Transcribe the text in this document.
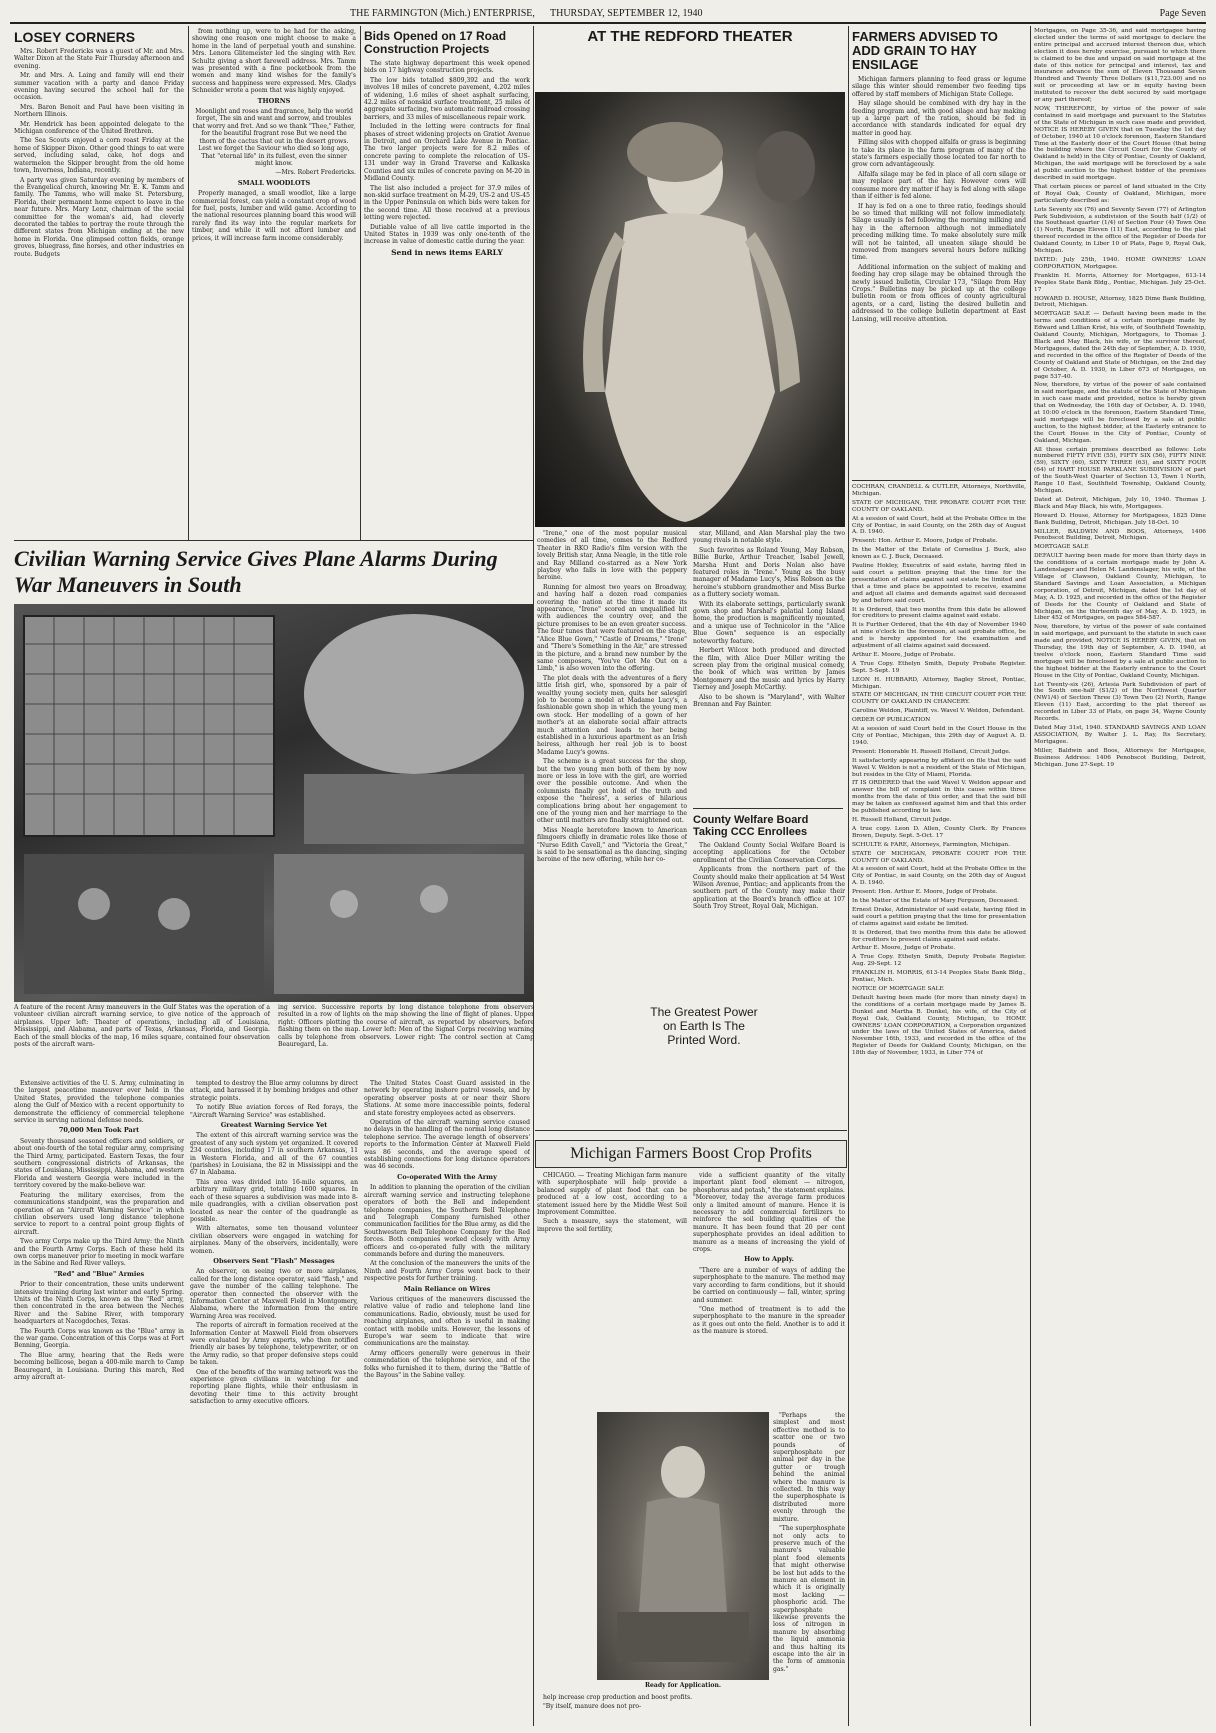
THE FARMINGTON (Mich.) ENTERPRISE, THURSDAY, SEPTEMBER 12, 1940	Page Seven
LOSEY CORNERS

Mrs. Robert Fredericks was a guest of Mr. and Mrs. Walter Dixon at the State Fair Thursday afternoon and evening.

Mr. and Mrs. A. Laing and family will end their summer vacation with a party and dance Friday evening having secured the school hall for the occasion.

Mrs. Baron Benoit and Paul have been visiting in Northern Illinois.

Mr. Hendrick has been appointed delegate to the Michigan conference of the United Brethren.

The Sea Scouts enjoyed a corn roast Friday at the home of Skipper Dixon. Other good things to eat were served, including salad, cake, hot dogs and watermelon the Skipper brought from the old home town, Inverness, Indiana, recently.

A party was given Saturday evening by members of the Evangelical church, knowing Mr. E. K. Tamm and family. The Tamms, who will make St. Petersburg, Florida, their permanent home expect to leave in the near future. Mrs. Mary Lenz, chairman of the social committee for the woman's aid, had cleverly decorated the tables to portray the route through the different states from Michigan ending at the new home in Florida. One glimpsed cotton fields, orange groves, bluegrass, fine horses, and other industries en route. Budgets

from nothing up, were to be had for the asking, showing one reason one might choose to make a home in the land of perpetual youth and sunshine. Mrs. Lenora Glitemeister led the singing with Rev. Schultz giving a short farewell address. Mrs. Tamm was presented with a fine pocketbook from the women and many kind wishes for the family's success and happiness were expressed. Mrs. Gladys Schneider wrote a poem that was highly enjoyed.

THORNS

Moonlight and roses and fragrance, help the world forget, The sin and want and sorrow, and troubles that worry and fret. And so we thank "Thee," Father, for the beautiful fragrant rose But we need the thorn of the cactus that out in the desert grows. Lest we forget the Saviour who died so long ago, That "eternal life" in its fullest, even the sinner might know.

—Mrs. Robert Fredericks.

SMALL WOODLOTS

Properly managed, a small woodlot, like a large commercial forest, can yield a constant crop of wood for fuel, posts, lumber and wild game. According to the national resources planning board this wood will rarely find its way into the regular markets for timber, and while it will not afford lumber and prices, it will increase farm income considerably.

Bids Opened on 17 Road Construction Projects

The state highway department this week opened bids on 17 highway construction projects.

The low bids totalled $809,392 and the work involves 18 miles of concrete pavement, 4.202 miles of widening, 1.6 miles of sheet asphalt surfacing, 42.2 miles of nonskid surface treatment, 25 miles of aggregate surfacing, two automatic railroad crossing barriers, and 33 miles of miscellaneous repair work.

Included in the letting were contracts for final phases of street widening projects on Gratiot Avenue in Detroit, and on Orchard Lake Avenue in Pontiac. The two larger projects were for 8.2 miles of concrete paving to complete the relocation of US-131 under way in Grand Traverse and Kalkaska Counties and six miles of concrete paving on M-20 in Midland County.

The list also included a project for 37.9 miles of non-skid surface treatment on M-29, US-2 and US-45 in the Upper Peninsula on which bids were taken for the second time. All those received at a previous letting were rejected.

Dutiable value of all live cattle imported in the United States in 1939 was only one-tenth of the increase in value of domestic cattle during the year.

Send in news items EARLY
AT THE REDFORD THEATER

"Irene," one of the most popular musical comedies of all time, comes to the Redford Theater in RKO Radio's film version with the lovely British star, Anna Neagle, in the title role and Ray Milland co-starred as a New York playboy who falls in love with the peppery heroine.

Running for almost two years on Broadway, and having half a dozen road companies covering the nation at the time it made its appearance, "Irene" scored an unqualified hit with audiences the country over, and the picture promises to be an even greater success. The four tunes that were featured on the stage, "Alice Blue Gown," "Castle of Dreams," "Irene" and "There's Something in the Air," are stressed in the picture, and a brand new number by the same composers, "You've Got Me Out on a Limb," is also woven into the offering.

The plot deals with the adventures of a fiery little Irish girl, who, sponsored by a pair of wealthy young society men, quits her salesgirl job to become a model at Madame Lucy's, a fashionable gown shop in which the young men own stock. Her modelling of a gown of her mother's at an elaborate social affair attracts much attention and leads to her being established in a luxurious apartment as an Irish heiress, although her real job is to boost Madame Lucy's gowns.

The scheme is a great success for the shop, but the two young men both of them by now more or less in love with the girl, are worried over the possible outcome. And when the columnists finally get hold of the truth and expose the "heiress", a series of hilarious complications bring about her engagement to one of the young men and her marriage to the other until matters are finally straightened out.

Miss Neagle heretofore known to American filmgoers chiefly in dramatic roles like those of "Nurse Edith Cavell," and "Victoria the Great," is said to be sensational as the dancing, singing heroine of the new offering, while her co-

star, Milland, and Alan Marshal play the two young rivals in notable style.

Such favorites as Roland Young, May Robson, Billie Burke, Arthur Treacher, Isabel Jewell, Marsha Hunt and Doris Nolan also have featured roles in "Irene." Young as the busy manager of Madame Lucy's, Miss Robson as the heroine's stubborn grandmother and Miss Burke as a fluttery society woman.

With its elaborate settings, particularly swank gown shop and Marshal's palatial Long Island home, the production is magnificently mounted, and a unique use of Technicolor in the "Alice Blue Gown" sequence is an especially noteworthy feature.

Herbert Wilcox both produced and directed the film, with Alice Duer Miller writing the screen play from the original musical comedy, the book of which was written by James Montgomery and the music and lyrics by Harry Tierney and Joseph McCarthy.

Also to be shown is "Maryland", with Walter Brennan and Fay Bainter.

County Welfare Board Taking CCC Enrollees

The Oakland County Social Welfare Board is accepting applications for the October enrollment of the Civilian Conservation Corps.

Applicants from the northern part of the County should make their application at 54 West Wilson Avenue, Pontiac; and applicants from the southern part of the County may make their application at the Board's branch office at 107 South Troy Street, Royal Oak, Michigan.

The Greatest Power on Earth Is The Printed Word.
Civilian Warning Service Gives Plane Alarms During War Maneuvers in South
A feature of the recent Army maneuvers in the Gulf States was the operation of a volunteer civilian aircraft warning service, to give notice of the approach of airplanes. Upper left: Theater of operations, including all of Louisiana, Mississippi, and Alabama, and parts of Texas, Arkansas, Florida, and Georgia. Each of the small blocks of the map, 16 miles square, contained four observation posts of the aircraft warn-
ing service. Successive reports by long distance telephone from observers resulted in a row of lights on the map showing the line of flight of planes. Upper right: Officers plotting the course of aircraft, as reported by observers, before flashing them on the map. Lower left: Men of the Signal Corps receiving warning calls by telephone from observers. Lower right: The control section at Camp Beauregard, La.

Extensive activities of the U. S. Army, culminating in the largest peacetime maneuver ever held in the United States, provided the telephone companies along the Gulf of Mexico with a recent opportunity to demonstrate the efficiency of commercial telephone service in serving national defense needs.

70,000 Men Took Part

Seventy thousand seasoned officers and soldiers, or about one-fourth of the total regular army, comprising the Third Army, participated. Eastern Texas, the four southern congressional districts of Arkansas, the states of Louisiana, Mississippi, Alabama, and western Florida and western Georgia were included in the territory covered by the make-believe war.

Featuring the military exercises, from the communications standpoint, was the preparation and operation of an "Aircraft Warning Service" in which civilian observers used long distance telephone service to report to a central point group flights of aircraft.

Two army Corps make up the Third Army: the Ninth and the Fourth Army Corps. Each of these held its own corps maneuver prior to meeting in mock warfare in the Sabine and Red River valleys.

"Red" and "Blue" Armies

Prior to their concentration, these units underwent intensive training during last winter and early Spring. Units of the Ninth Corps, known as the "Red" army, then concentrated in the area between the Neches River and the Sabine River, with temporary headquarters at Nacogdoches, Texas.

The Fourth Corps was known as the "Blue" army in the war game. Concentration of this Corps was at Fort Benning, Georgia.

The Blue army, hearing that the Reds were becoming bellicose, began a 400-mile march to Camp Beauregard, in Louisiana. During this march, Red army aircraft at-

tempted to destroy the Blue army columns by direct attack, and harassed it by bombing bridges and other strategic points.

To notify Blue aviation forces of Red forays, the "Aircraft Warning Service" was established.

Greatest Warning Service Yet

The extent of this aircraft warning service was the greatest of any such system yet organized. It covered 234 counties, including 17 in southern Arkansas, 11 in Western Florida, and all of the 67 counties (parishes) in Louisiana, the 82 in Mississippi and the 67 in Alabama.

This area was divided into 16-mile squares, an arbitrary military grid, totalling 1600 squares. In each of these squares a subdivision was made into 8-mile quadrangles, with a civilian observation post located as near the center of the quadrangle as possible.

With alternates, some ten thousand volunteer civilian observers were engaged in watching for airplanes. Many of the observers, incidentally, were women.

Observers Sent "Flash" Messages

An observer, on seeing two or more airplanes, called for the long distance operator, said "flash," and gave the number of the calling telephone. The operator then connected the observer with the Information Center at Maxwell Field in Montgomery, Alabama, where the information from the entire Warning Area was received.

The reports of aircraft in formation received at the Information Center at Maxwell Field from observers were evaluated by Army experts, who then notified friendly air bases by telephone, teletypewriter, or on the Army radio, so that proper defensive steps could be taken.

One of the benefits of the warning network was the experience given civilians in watching for and reporting plane flights, while their enthusiasm in devoting their time to this activity brought satisfaction to army executive officers.

The United States Coast Guard assisted in the network by operating inshore patrol vessels, and by operating observer posts at or near their Shore Stations. At some more inaccessible points, federal and state forestry employees acted as observers.

Operation of the aircraft warning service caused no delays in the handling of the normal long distance telephone service. The average length of observers' reports to the Information Center at Maxwell Field was 86 seconds, and the average speed of establishing connections for long distance operators was 46 seconds.

Co-operated With the Army

In addition to planning the operation of the civilian aircraft warning service and instructing telephone operators of both the Bell and independent telephone companies, the Southern Bell Telephone and Telegraph Company furnished other communication facilities for the Blue army, as did the Southwestern Bell Telephone Company for the Red forces. Both companies worked closely with Army officers and co-operated fully with the military commands before and during the maneuvers.

At the conclusion of the maneuvers the units of the Ninth and Fourth Army Corps went back to their respective posts for further training.

Main Reliance on Wires

Various critiques of the maneuvers discussed the relative value of radio and telephone land line communications. Radio, obviously, must be used for reaching airplanes, and often is useful in making contact with mobile units. However, the lessons of Europe's war seem to indicate that wire communications are the mainstay.

Army officers generally were generous in their commendation of the telephone service, and of the folks who furnished it to them, during the "Battle of the Bayous" in the Sabine valley.

Michigan Farmers Boost Crop Profits

CHICAGO. — Treating Michigan farm manure with superphosphate will help provide a balanced supply of plant food that can be produced at a low cost, according to a statement issued here by the Middle West Soil Improvement Committee.

Such a measure, says the statement, will improve the soil fertility,

Ready for Application.

help increase crop production and boost profits.

"By itself, manure does not pro-

vide a sufficient quantity of the vitally important plant food element — nitrogen, phosphorus and potash," the statement explains. "Moreover, today the average farm produces only a limited amount of manure. Hence it is necessary to add commercial fertilizers to reinforce the soil building qualities of the manure. It has been found that 20 per cent superphosphate provides an ideal addition to manure as a means of increasing the yield of crops.

How to Apply.

"There are a number of ways of adding the superphosphate to the manure. The method may vary according to farm conditions, but it should be carried on continuously — fall, winter, spring and summer.

"One method of treatment is to add the superphosphate to the manure in the spreader as it goes out onto the field. Another is to add it as the manure is stored.

"Perhaps the simplest and most effective method is to scatter one or two pounds of superphosphate per animal per day in the gutter or trough behind the animal where the manure is collected. In this way the superphosphate is distributed more evenly through the mixture.

"The superphosphate not only acts to preserve much of the manure's valuable plant food elements that might otherwise be lost but adds to the manure an element in which it is originally most lacking — phosphoric acid. The superphosphate likewise prevents the loss of nitrogen in manure by absorbing the liquid ammonia and thus halting its escape into the air in the form of ammonia gas."

FARMERS ADVISED TO ADD GRAIN TO HAY ENSILAGE

Michigan farmers planning to feed grass or legume silage this winter should remember two feeding tips offered by staff members of Michigan State College.

Hay silage should be combined with dry hay in the feeding program and, with good silage and hay making up a large part of the ration, should be fed in accordance with standards indicated for equal dry matter in good hay.

Filling silos with chopped alfalfa or grass is beginning to take its place in the farm program of many of the state's farmers especially those located too far north to grow corn advantageously.

Alfalfa silage may be fed in place of all corn silage or may replace part of the hay. However cows will consume more dry matter if hay is fed along with silage than if either is fed alone.

If hay is fed on a one to three ratio, feedings should be so timed that milking will not follow immediately. Silage usually is fed following the morning milking and hay in the afternoon although not immediately preceding milking time. To make absolutely sure milk will not be tainted, all uneaten silage should be removed from mangers several hours before milking time.

Additional information on the subject of making and feeding hay crop silage may be obtained through the newly issued bulletin, Circular 173, "Silage from Hay Crops." Bulletins may be picked up at the college bulletin room or from offices of county agricultural agents, or a card, listing the desired bulletin and addressed to the college bulletin department at East Lansing, will receive attention.

COCHRAN, CRANDELL & CUTLER, Attorneys, Northville, Michigan.

STATE OF MICHIGAN, THE PROBATE COURT FOR THE COUNTY OF OAKLAND.

At a session of said Court, held at the Probate Office in the City of Pontiac, in said County, on the 26th day of August A. D. 1940.

Present: Hon. Arthur E. Moore, Judge of Probate.

In the Matter of the Estate of Cornelius J. Buck, also known as C. J. Buck, Deceased.

Pauline Hokley, Executrix of said estate, having filed in said court a petition praying that the time for the presentation of claims against said estate be limited and that a time and place be appointed to receive, examine and adjust all claims and demands against said deceased by and before said court.

It is Ordered, that two months from this date be allowed for creditors to present claims against said estate.

It is Further Ordered, that the 4th day of November 1940 at nine o'clock in the forenoon, at said probate office, be and is hereby appointed for the examination and adjustment of all claims against said deceased.

Arthur E. Moore, Judge of Probate.

A True Copy. Ethelyn Smith, Deputy Probate Register. Sept. 5-Sept. 19

LEON H. HUBBARD, Attorney, Bagley Street, Pontiac, Michigan.

STATE OF MICHIGAN, IN THE CIRCUIT COURT FOR THE COUNTY OF OAKLAND IN CHANCERY.

Caroline Weldon, Plaintiff, vs. Wavel V. Weldon, Defendant.

ORDER OF PUBLICATION

At a session of said Court held in the Court House in the City of Pontiac, Michigan, this 29th day of August A. D. 1940.

Present: Honorable H. Russell Holland, Circuit Judge.

It satisfactorily appearing by affidavit on file that the said Wavel V. Weldon is not a resident of the State of Michigan, but resides in the City of Miami, Florida.

IT IS ORDERED that the said Wavel V. Weldon appear and answer the bill of complaint in this cause within three months from the date of this order, and that the said bill may be taken as confessed against him and that this order be published according to law.

H. Russell Holland, Circuit Judge.

A true copy. Leon D. Allen, County Clerk. By Frances Brown, Deputy. Sept. 5-Oct. 17

SCHULTE & FARE, Attorneys, Farmington, Michigan.

STATE OF MICHIGAN, PROBATE COURT FOR THE COUNTY OF OAKLAND.

At a session of said Court, held at the Probate Office in the City of Pontiac, in said County, on the 20th day of August A. D. 1940.

Present: Hon. Arthur E. Moore, Judge of Probate.

In the Matter of the Estate of Mary Ferguson, Deceased.

Ernest Drake, Administrator of said estate, having filed in said court a petition praying that the time for presentation of claims against said estate be limited.

It is Ordered, that two months from this date be allowed for creditors to present claims against said estate.

Arthur E. Moore, Judge of Probate.

A True Copy. Ethelyn Smith, Deputy Probate Register. Aug. 29-Sept. 12

FRANKLIN H. MORRIS, 613-14 Peoples State Bank Bldg., Pontiac, Mich.

NOTICE OF MORTGAGE SALE

Default having been made (for more than ninety days) in the conditions of a certain mortgage made by James B. Dunkel and Martha B. Dunkel, his wife, of the City of Royal Oak, Oakland County, Michigan, to HOME OWNERS' LOAN CORPORATION, a Corporation organized under the laws of the United States of America, dated November 16th, 1933, and recorded in the office of the Register of Deeds for Oakland County, Michigan, on the 18th day of November, 1933, in Liber 774 of

Mortgages, on Page 35-36, and said mortgagee having elected under the terms of said mortgage to declare the entire principal and accrued interest thereon due, which election it does hereby exercise, pursuant to which there is claimed to be due and unpaid on said mortgage at the date of this notice for principal and interest, tax and insurance advance the sum of Eleven Thousand Seven Hundred and Twenty Three Dollars ($11,723.00) and no suit or proceeding at law or in equity having been instituted to recover the debt secured by said mortgage or any part thereof;

NOW, THEREFORE, by virtue of the power of sale contained in said mortgage and pursuant to the Statutes of the State of Michigan in such case made and provided, NOTICE IS HEREBY GIVEN that on Tuesday the 1st day of October, 1940 at 10 o'clock forenoon, Eastern Standard Time at the Easterly door of the Court House (that being the building where the Circuit Court for the County of Oakland is held) in the City of Pontiac, County of Oakland, Michigan, the said mortgage will be foreclosed by a sale at public auction to the highest bidder of the premises described in said mortgage.

That certain pieces or parcel of land situated in the City of Royal Oak, County of Oakland, Michigan, more particularly described as:

Lots Seventy six (76) and Seventy Seven (77) of Arlington Park Subdivision, a subdivision of the South half (1/2) of the Southeast quarter (1/4) of Section Four (4) Town One (1) North, Range Eleven (11) East, according to the plat thereof recorded in the office of the Register of Deeds for Oakland County, in Liber 10 of Plats, Page 9, Royal Oak, Michigan.

DATED: July 25th, 1940. HOME OWNERS' LOAN CORPORATION, Mortgagee.

Franklin H. Morris, Attorney for Mortgagee, 613-14 Peoples State Bank Bldg., Pontiac, Michigan. July 25-Oct. 17

HOWARD D. HOUSE, Attorney, 1825 Dime Bank Building, Detroit, Michigan.

MORTGAGE SALE — Default having been made in the terms and conditions of a certain mortgage made by Edward and Lillian Krist, his wife, of Southfield Township, Oakland County, Michigan, Mortgagors, to Thomas J. Black and May Black, his wife, or the survivor thereof, Mortgagees, dated the 24th day of September, A. D. 1930, and recorded in the office of the Register of Deeds of the County of Oakland and State of Michigan, on the 2nd day of October, A. D. 1930, in Liber 673 of Mortgages, on page 537-40.

Now, therefore, by virtue of the power of sale contained in said mortgage, and the statute of the State of Michigan in such case made and provided, notice is hereby given that on Wednesday, the 16th day of October, A. D. 1940, at 10:00 o'clock in the forenoon, Eastern Standard Time, said mortgage will be foreclosed by a sale at public auction, to the highest bidder, at the Easterly entrance to the Court House in the City of Pontiac, County of Oakland, Michigan.

All those certain premises described as follows: Lots numbered FIFTY FIVE (55), FIFTY SIX (56), FIFTY NINE (59), SIXTY (60), SIXTY THREE (63), and SIXTY FOUR (64) of HART HOUSE PARKLANE SUBDIVISION of part of the South-West Quarter of Section 13, Town 1 North, Range 10 East, Southfield Township, Oakland County, Michigan.

Dated at Detroit, Michigan, July 10, 1940. Thomas J. Black and May Black, his wife, Mortgagees.

Howard D. House, Attorney for Mortgagees, 1825 Dime Bank Building, Detroit, Michigan. July 18-Oct. 10

MILLER, BALDWIN AND BOOS, Attorneys, 1406 Penobscot Building, Detroit, Michigan.

MORTGAGE SALE

DEFAULT having been made for more than thirty days in the conditions of a certain mortgage made by John A. Landenslager and Helen M. Landenslager, his wife, of the Village of Clawson, Oakland County, Michigan, to Standard Savings and Loan Association, a Michigan corporation, of Detroit, Michigan, dated the 1st day of May, A. D. 1925, and recorded in the office of the Register of Deeds for the County of Oakland and State of Michigan, on the thirteenth day of May, A. D. 1925, in Liber 452 of Mortgages, on pages 584-587.

Now, therefore, by virtue of the power of sale contained in said mortgage, and pursuant to the statute in such case made and provided, NOTICE IS HEREBY GIVEN, that on Thursday, the 19th day of September, A. D. 1940, at twelve o'clock noon, Eastern Standard Time said mortgage will be foreclosed by a sale at public auction to the highest bidder at the Easterly entrance to the Court House in the City of Pontiac, Oakland County, Michigan.

Lot Twenty-six (26), Artesia Park Subdivision of part of the South one-half (S1/2) of the Northwest Quarter (NW1/4) of Section Three (3) Town Two (2) North, Range Eleven (11) East, according to the plat thereof as recorded in Liber 33 of Plats, on page 34, Wayne County Records.

Dated May 31st, 1940. STANDARD SAVINGS AND LOAN ASSOCIATION, By Walter J. L. Ray, Its Secretary, Mortgagee.

Miller, Baldwin and Boos, Attorneys for Mortgagee, Business Address: 1406 Penobscot Building, Detroit, Michigan. June 27-Sept. 19
